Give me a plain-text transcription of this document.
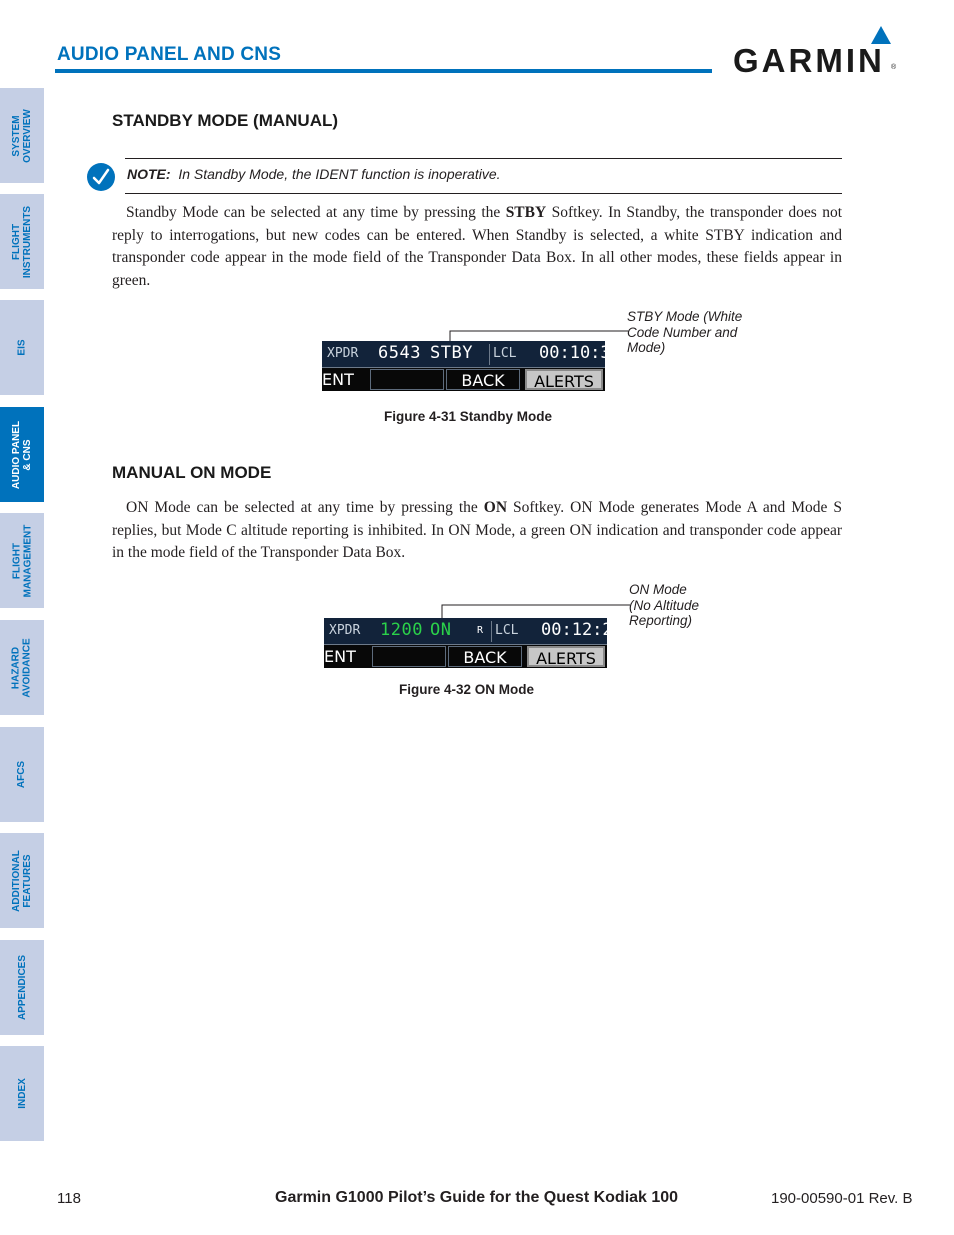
AUDIO PANEL AND CNS	GARMIN ®
SYSTEM
OVERVIEW
FLIGHT
INSTRUMENTS
EIS
AUDIO PANEL
& CNS
FLIGHT
MANAGEMENT
HAZARD
AVOIDANCE
AFCS
ADDITIONAL
FEATURES
APPENDICES
INDEX
STANDBY MODE (MANUAL)
NOTE: In Standby Mode, the IDENT function is inoperative.

Standby Mode can be selected at any time by pressing the STBY Softkey. In Standby, the transponder does not reply to interrogations, but new codes can be entered. When Standby is selected, a white STBY indication and transponder code appear in the mode field of the Transponder Data Box. In all other modes, these fields appear in green.

STBY Mode (White
Code Number and
Mode)
XPDR 6543 STBY LCL 00:10:39
ENT	BACK	ALERTS
Figure 4-31 Standby Mode
MANUAL ON MODE

ON Mode can be selected at any time by pressing the ON Softkey. ON Mode generates Mode A and Mode S replies, but Mode C altitude reporting is inhibited. In ON Mode, a green ON indication and transponder code appear in the mode field of the Transponder Data Box.

ON Mode
(No Altitude
Reporting)
XPDR 1200 ON	R LCL 00:12:25
ENT	BACK	ALERTS
Figure 4-32 ON Mode
118	Garmin G1000 Pilot’s Guide for the Quest Kodiak 100	190-00590-01 Rev. B
